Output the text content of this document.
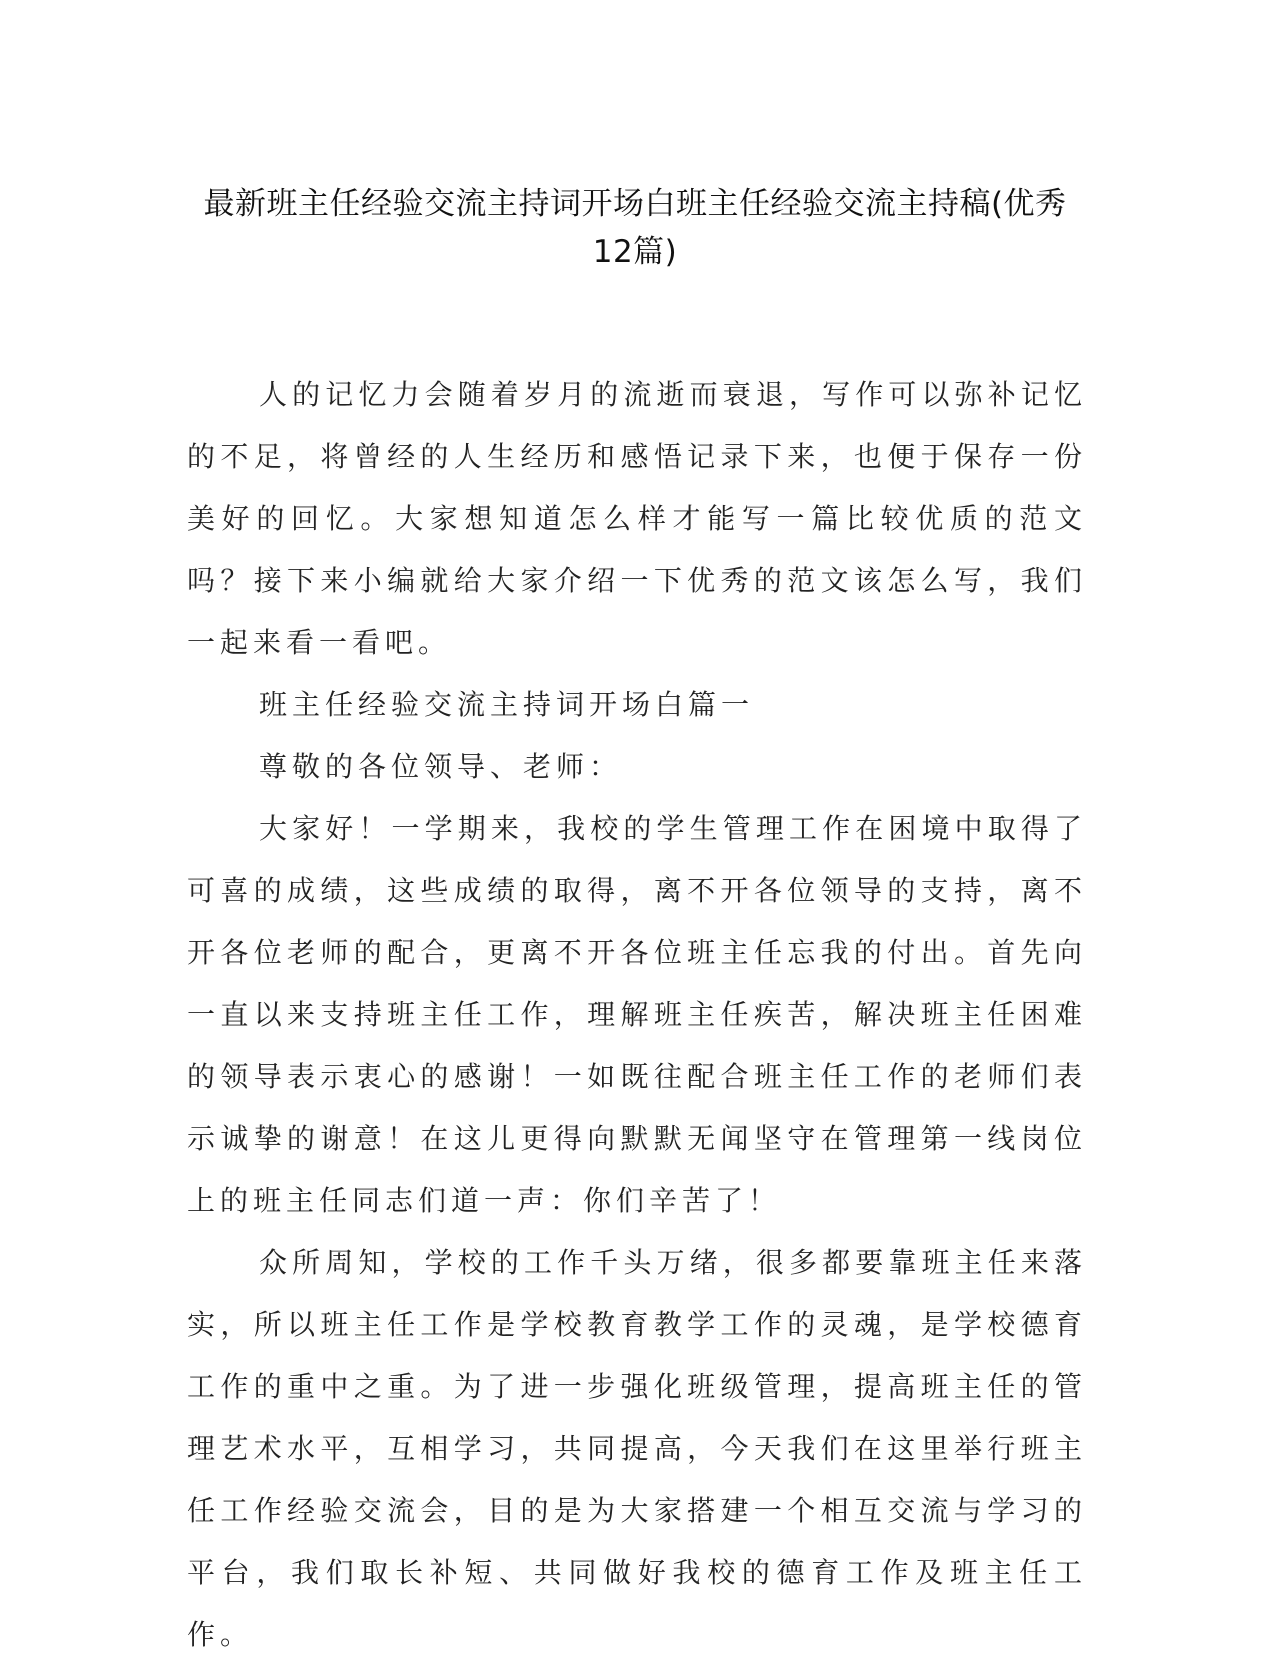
最新班主任经验交流主持词开场白班主任经验交流主持稿(优秀12篇)

人的记忆力会随着岁月的流逝而衰退，写作可以弥补记忆的不足，将曾经的人生经历和感悟记录下来，也便于保存一份美好的回忆。大家想知道怎么样才能写一篇比较优质的范文吗？接下来小编就给大家介绍一下优秀的范文该怎么写，我们一起来看一看吧。

班主任经验交流主持词开场白篇一

尊敬的各位领导、老师：

大家好！一学期来，我校的学生管理工作在困境中取得了可喜的成绩，这些成绩的取得，离不开各位领导的支持，离不开各位老师的配合，更离不开各位班主任忘我的付出。首先向一直以来支持班主任工作，理解班主任疾苦，解决班主任困难的领导表示衷心的感谢！一如既往配合班主任工作的老师们表示诚挚的谢意！在这儿更得向默默无闻坚守在管理第一线岗位上的班主任同志们道一声：你们辛苦了！

众所周知，学校的工作千头万绪，很多都要靠班主任来落实，所以班主任工作是学校教育教学工作的灵魂，是学校德育工作的重中之重。为了进一步强化班级管理，提高班主任的管理艺术水平，互相学习，共同提高，今天我们在这里举行班主任工作经验交流会，目的是为大家搭建一个相互交流与学习的平台，我们取长补短、共同做好我校的德育工作及班主任工作。
